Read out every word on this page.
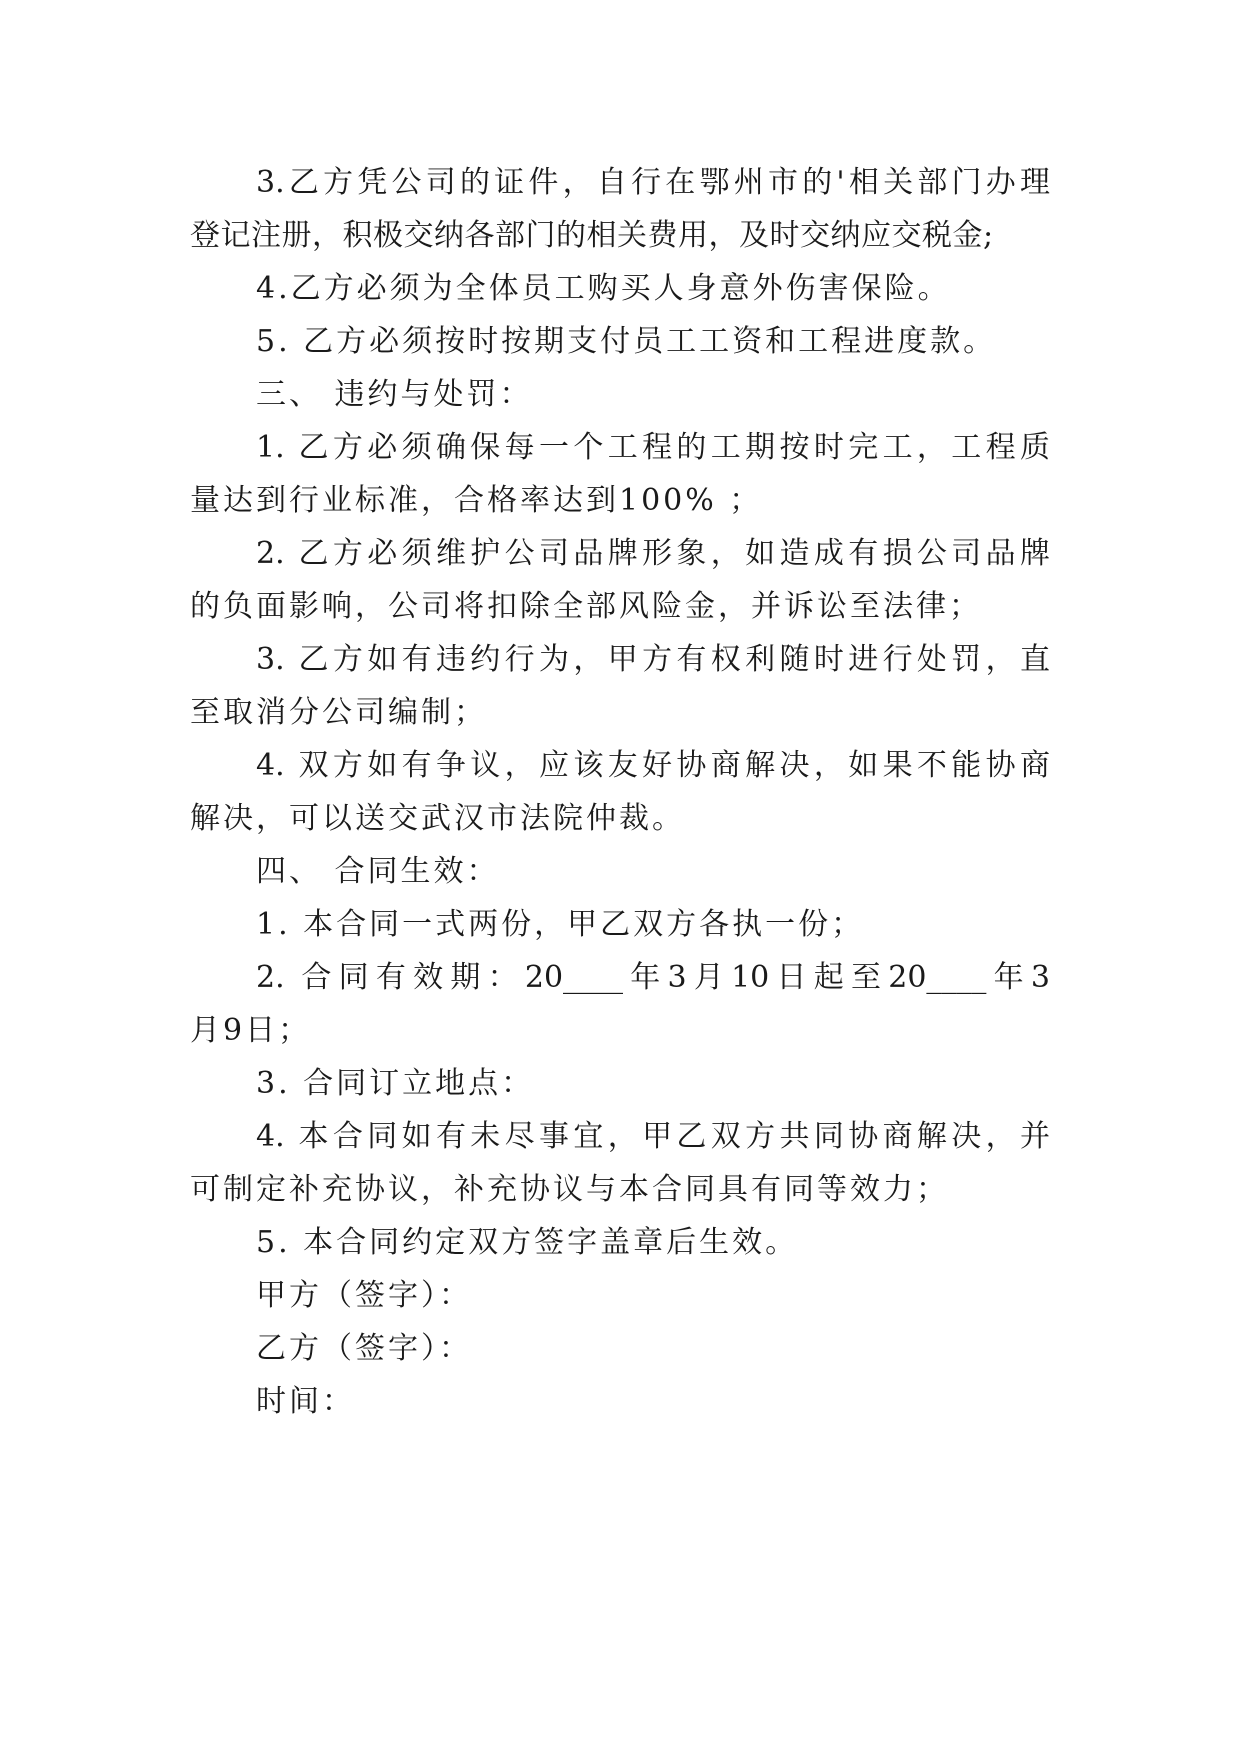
3.乙方凭公司的证件，自行在鄂州市的'相关部门办理
登记注册，积极交纳各部门的相关费用，及时交纳应交税金;
4.乙方必须为全体员工购买人身意外伤害保险。
5. 乙方必须按时按期支付员工工资和工程进度款。
三、 违约与处罚：
1. 乙方必须确保每一个工程的工期按时完工，工程质
量达到行业标准，合格率达到100% ；
2. 乙方必须维护公司品牌形象，如造成有损公司品牌
的负面影响，公司将扣除全部风险金，并诉讼至法律；
3. 乙方如有违约行为，甲方有权利随时进行处罚，直
至取消分公司编制；
4. 双方如有争议，应该友好协商解决，如果不能协商
解决，可以送交武汉市法院仲裁。
四、 合同生效：
1. 本合同一式两份，甲乙双方各执一份；
2. 合同有效期：20____年3月10日起至20____年3
月9日；
3. 合同订立地点：
4. 本合同如有未尽事宜，甲乙双方共同协商解决，并
可制定补充协议，补充协议与本合同具有同等效力；
5. 本合同约定双方签字盖章后生效。
甲方（签字）：
乙方（签字）：
时间：
